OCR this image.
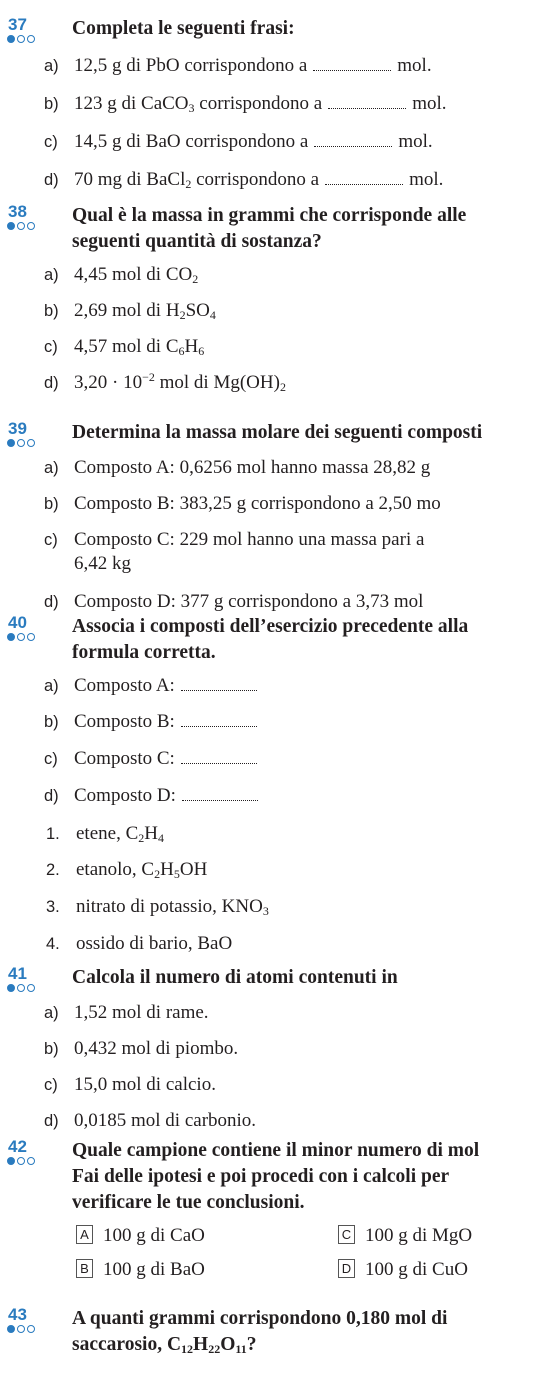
37 Completa le seguenti frasi:
a) 12,5 g di PbO corrispondono a	mol.
b) 123 g di CaCO$_3$ corrispondono a	mol.
c) 14,5 g di BaO corrispondono a	mol.
d) 70 mg di BaCl$_2$ corrispondono a	mol.
38 Qual è la massa in grammi che corrisponde alle
seguenti quantità di sostanza?
a) 4,45 mol di $CO_2$
b) 2,69 mol di $H_2SO_4$
c) 4,57 mol di $C_6H_6$
d) $3,20 \cdot 10^{-2}$ mol di $Mg(OH)_2$
39 Determina la massa molare dei seguenti composti
a) Composto A: 0,6256 mol hanno massa 28,82 g
b) Composto B: 383,25 g corrispondono a 2,50 mo
c) Composto C: 229 mol hanno una massa pari a
6,42 kg
d) Composto D: 377 g corrispondono a 3,73 mol
40 Associa i composti dell’esercizio precedente alla
formula corretta.
a) Composto A:
b) Composto B:
c) Composto C:
d) Composto D:
1. etene, $C_2H_4$
2. etanolo, $C_2H_5OH$
3. nitrato di potassio, $KNO_3$
4. ossido di bario, BaO
41 Calcola il numero di atomi contenuti in
a) 1,52 mol di rame.
b) 0,432 mol di piombo.
c) 15,0 mol di calcio.
d) 0,0185 mol di carbonio.
42 Quale campione contiene il minor numero di mol
Fai delle ipotesi e poi procedi con i calcoli per
verificare le tue conclusioni.
A 100 g di CaO	C 100 g di MgO
B 100 g di BaO	D 100 g di CuO
43 A quanti grammi corrispondono 0,180 mol di
saccarosio, $C_{12}H_{22}O_{11}$?
